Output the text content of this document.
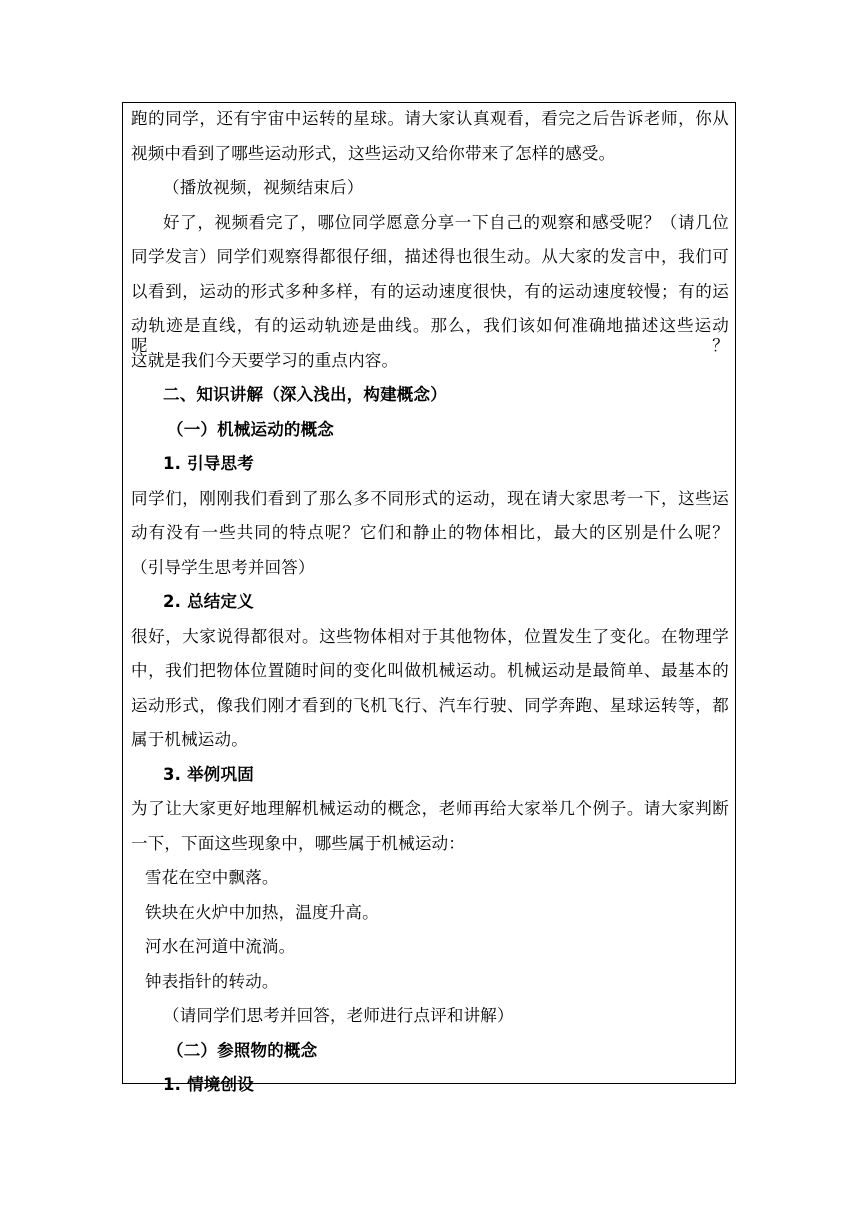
跑的同学，还有宇宙中运转的星球。请大家认真观看，看完之后告诉老师，你从
视频中看到了哪些运动形式，这些运动又给你带来了怎样的感受。
（播放视频，视频结束后）
好了，视频看完了，哪位同学愿意分享一下自己的观察和感受呢？（请几位
同学发言）同学们观察得都很仔细，描述得也很生动。从大家的发言中，我们可
以看到，运动的形式多种多样，有的运动速度很快，有的运动速度较慢；有的运
动轨迹是直线，有的运动轨迹是曲线。那么，我们该如何准确地描述这些运动呢？
这就是我们今天要学习的重点内容。
二、知识讲解（深入浅出，构建概念）
（一）机械运动的概念
1. 引导思考
同学们，刚刚我们看到了那么多不同形式的运动，现在请大家思考一下，这些运
动有没有一些共同的特点呢？它们和静止的物体相比，最大的区别是什么呢？
（引导学生思考并回答）
2. 总结定义
很好，大家说得都很对。这些物体相对于其他物体，位置发生了变化。在物理学
中，我们把物体位置随时间的变化叫做机械运动。机械运动是最简单、最基本的
运动形式，像我们刚才看到的飞机飞行、汽车行驶、同学奔跑、星球运转等，都
属于机械运动。
3. 举例巩固
为了让大家更好地理解机械运动的概念，老师再给大家举几个例子。请大家判断
一下，下面这些现象中，哪些属于机械运动：
雪花在空中飘落。
铁块在火炉中加热，温度升高。
河水在河道中流淌。
钟表指针的转动。
（请同学们思考并回答，老师进行点评和讲解）
（二）参照物的概念
1. 情境创设
